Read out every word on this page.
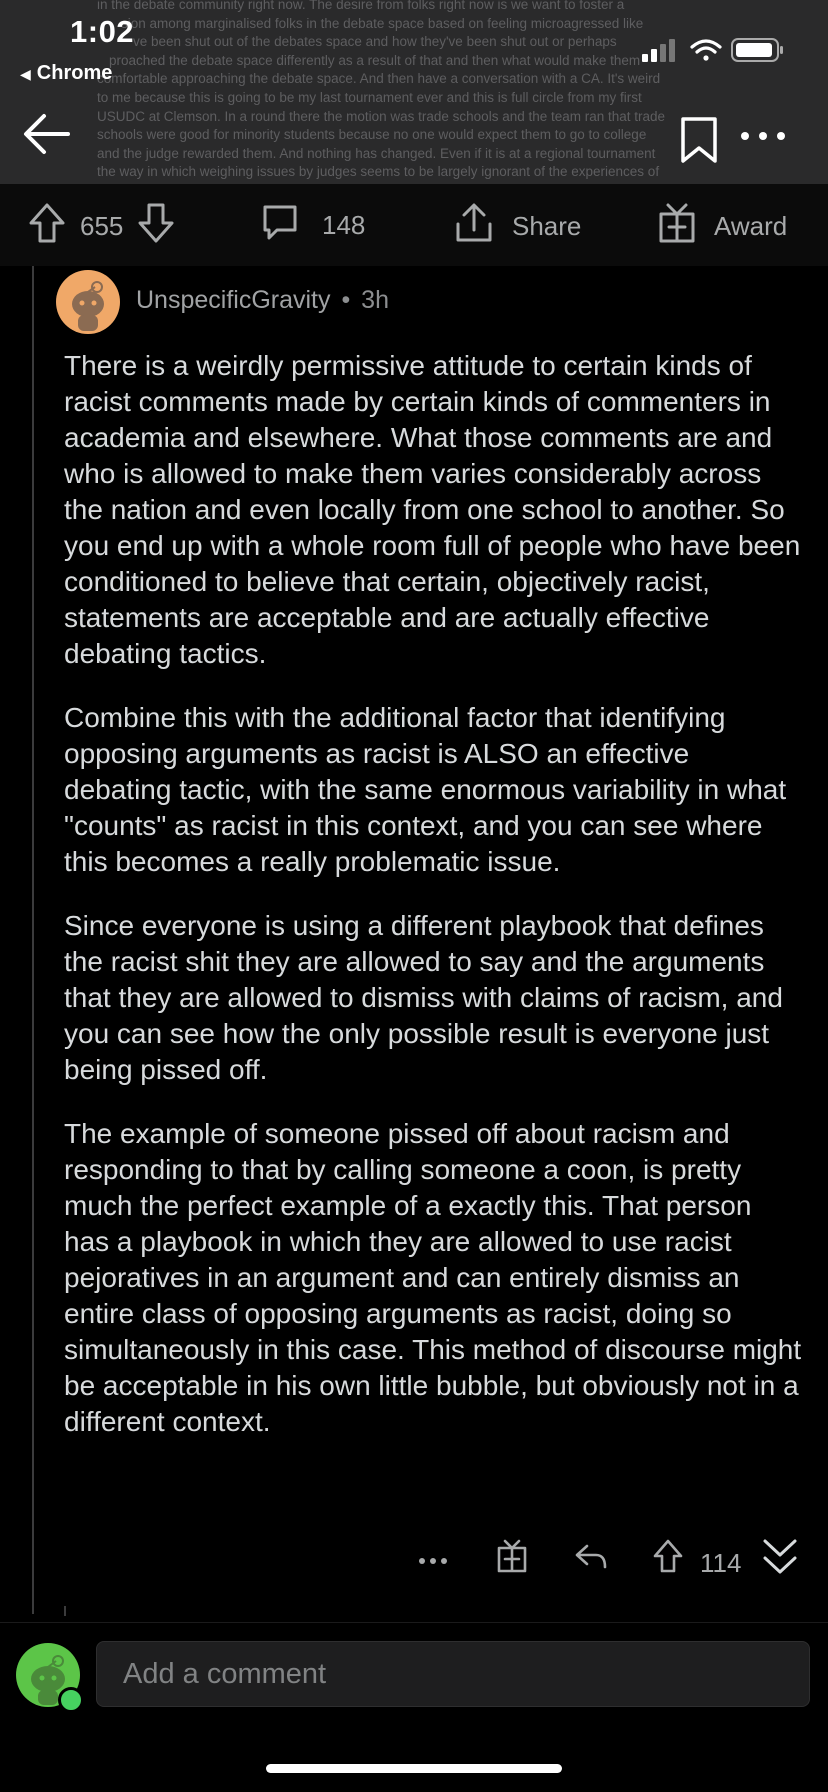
in the debate community right now. The desire from folks right now is we want to foster a
sion among marginalised folks in the debate space based on feeling microagressed like
ve been shut out of the debates space and how they've been shut out or perhaps
proached the debate space differently as a result of that and then what would make them
comfortable approaching the debate space. And then have a conversation with a CA. It's weird
to me because this is going to be my last tournament ever and this is full circle from my first
USUDC at Clemson. In a round there the motion was trade schools and the team ran that trade
schools were good for minority students because no one would expect them to go to college
and the judge rewarded them. And nothing has changed. Even if it is at a regional tournament
the way in which weighing issues by judges seems to be largely ignorant of the experiences of
1:02
◀ Chrome
655	148	Share	Award
UnspecificGravity • 3h

There is a weirdly permissive attitude to certain kinds of racist comments made by certain kinds of commenters in academia and elsewhere. What those comments are and who is allowed to make them varies considerably across the nation and even locally from one school to another. So you end up with a whole room full of people who have been conditioned to believe that certain, objectively racist, statements are acceptable and are actually effective debating tactics.

Combine this with the additional factor that identifying opposing arguments as racist is ALSO an effective debating tactic, with the same enormous variability in what "counts" as racist in this context, and you can see where this becomes a really problematic issue.

Since everyone is using a different playbook that defines the racist shit they are allowed to say and the arguments that they are allowed to dismiss with claims of racism, and you can see how the only possible result is everyone just being pissed off.

The example of someone pissed off about racism and responding to that by calling someone a coon, is pretty much the perfect example of a exactly this. That person has a playbook in which they are allowed to use racist pejoratives in an argument and can entirely dismiss an entire class of opposing arguments as racist, doing so simultaneously in this case. This method of discourse might be acceptable in his own little bubble, but obviously not in a different context.

114
Add a comment
